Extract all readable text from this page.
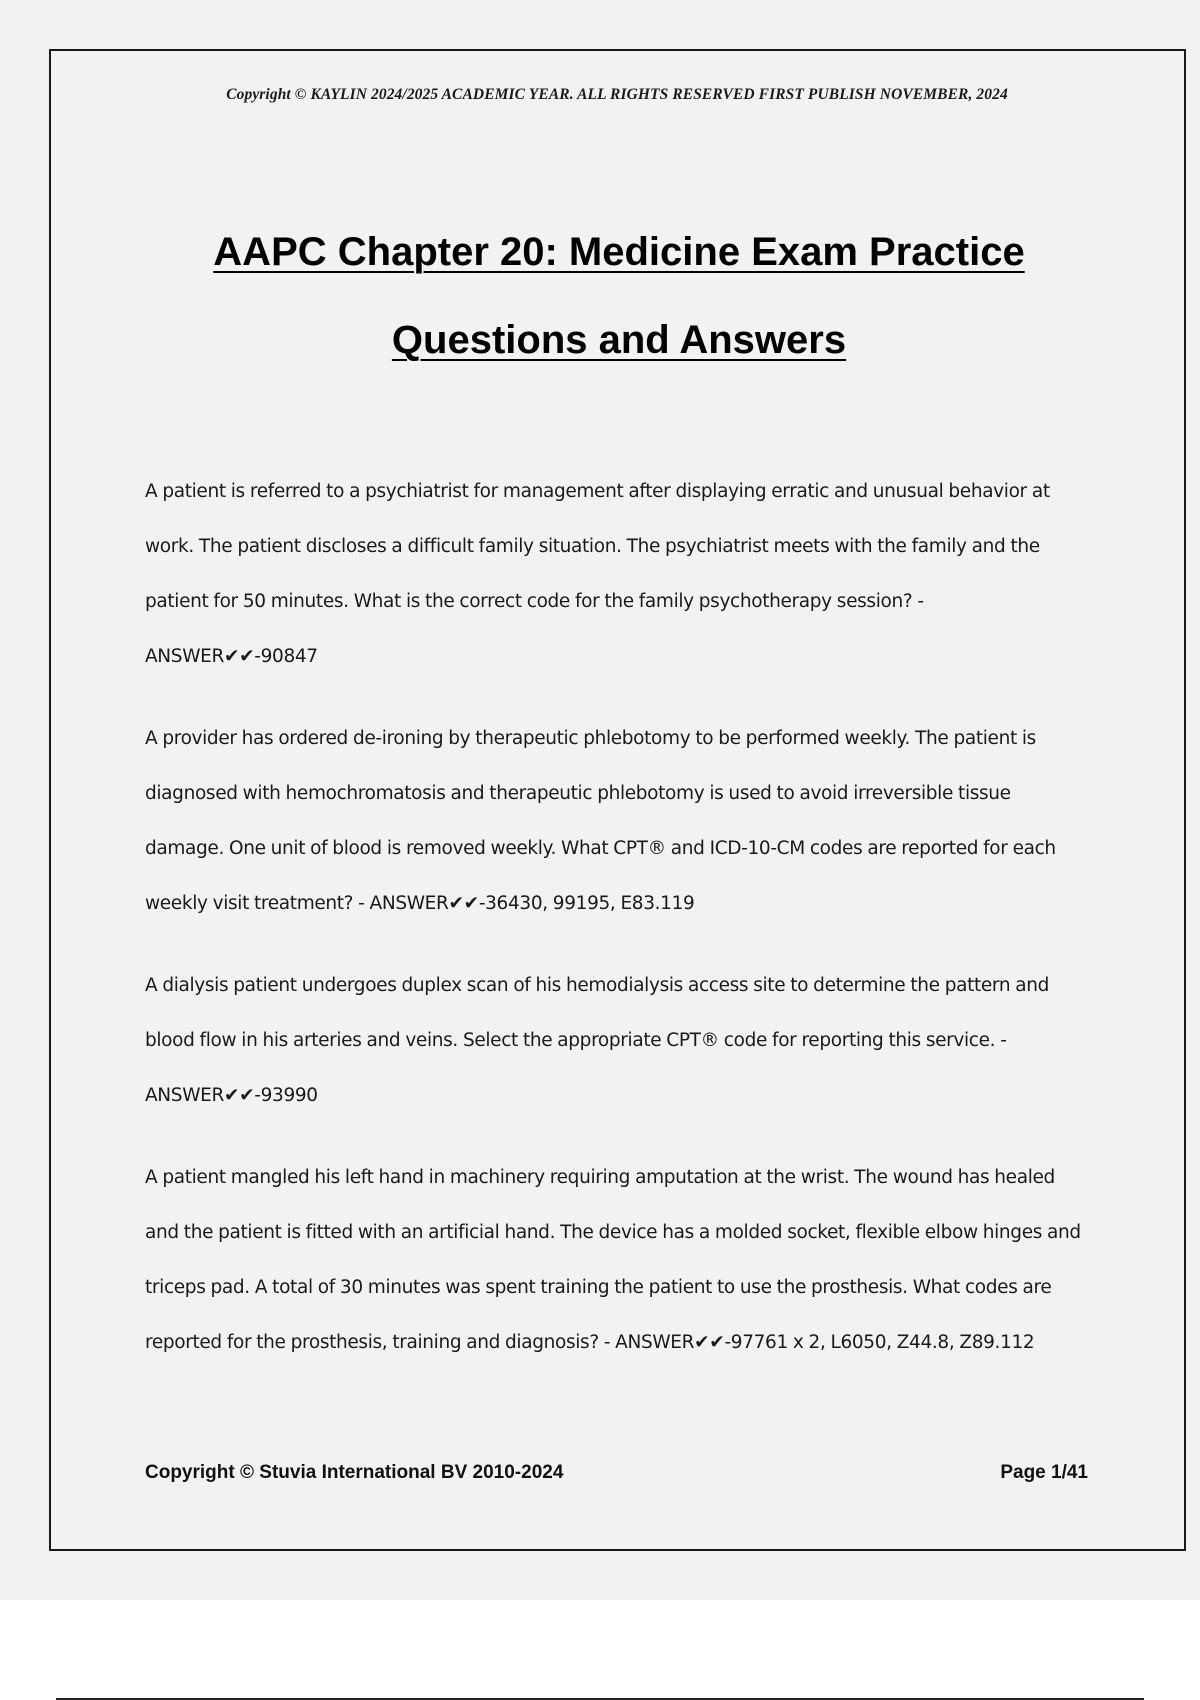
Copyright © KAYLIN 2024/2025 ACADEMIC YEAR. ALL RIGHTS RESERVED FIRST PUBLISH NOVEMBER, 2024
AAPC Chapter 20: Medicine Exam Practice
Questions and Answers

A patient is referred to a psychiatrist for management after displaying erratic and unusual behavior at work. The patient discloses a difficult family situation. The psychiatrist meets with the family and the patient for 50 minutes. What is the correct code for the family psychotherapy session? - ANSWER✔✔-90847

A provider has ordered de-ironing by therapeutic phlebotomy to be performed weekly. The patient is diagnosed with hemochromatosis and therapeutic phlebotomy is used to avoid irreversible tissue damage. One unit of blood is removed weekly. What CPT® and ICD-10-CM codes are reported for each weekly visit treatment? - ANSWER✔✔-36430, 99195, E83.119

A dialysis patient undergoes duplex scan of his hemodialysis access site to determine the pattern and blood flow in his arteries and veins. Select the appropriate CPT® code for reporting this service. - ANSWER✔✔-93990

A patient mangled his left hand in machinery requiring amputation at the wrist. The wound has healed and the patient is fitted with an artificial hand. The device has a molded socket, flexible elbow hinges and triceps pad. A total of 30 minutes was spent training the patient to use the prosthesis. What codes are reported for the prosthesis, training and diagnosis? - ANSWER✔✔-97761 x 2, L6050, Z44.8, Z89.112

Copyright © Stuvia International BV 2010-2024	Page 1/41
